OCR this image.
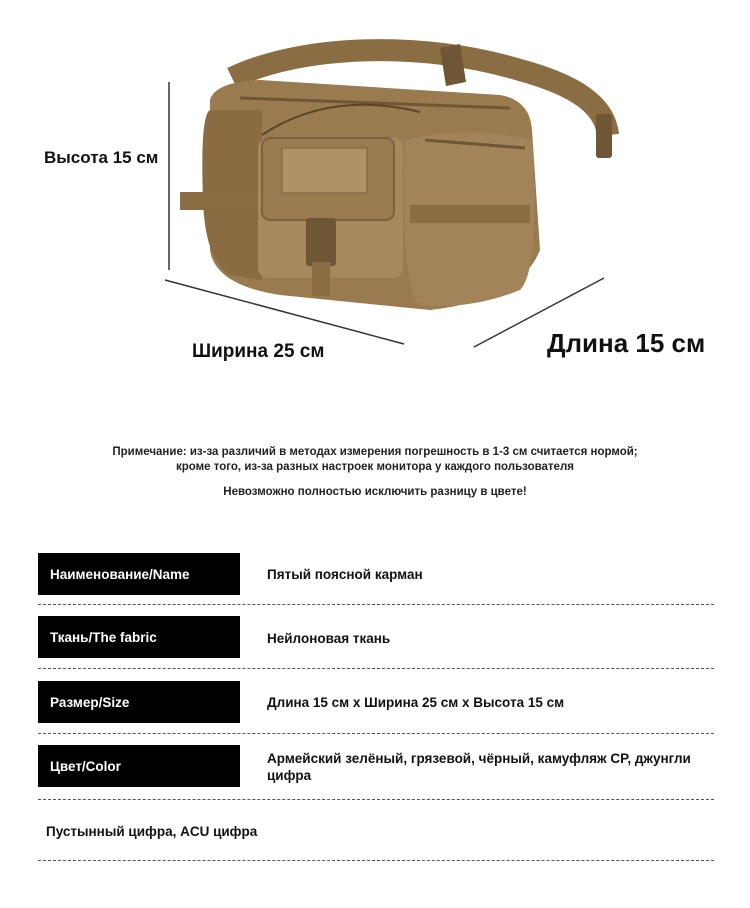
Высота 15 см
Ширина 25 см	Длина 15 см
Примечание: из-за различий в методах измерения погрешность в 1-3 см считается нормой;
кроме того, из-за разных настроек монитора у каждого пользователя
Невозможно полностью исключить разницу в цвете!
Наименование/Name	Пятый поясной карман
Ткань/The fabric	Нейлоновая ткань
Размер/Size	Длина 15 см x Ширина 25 см x Высота 15 см
Цвет/Color	Армейский зелёный, грязевой, чёрный, камуфляж CP, джунгли цифра
Пустынный цифра, ACU цифра
